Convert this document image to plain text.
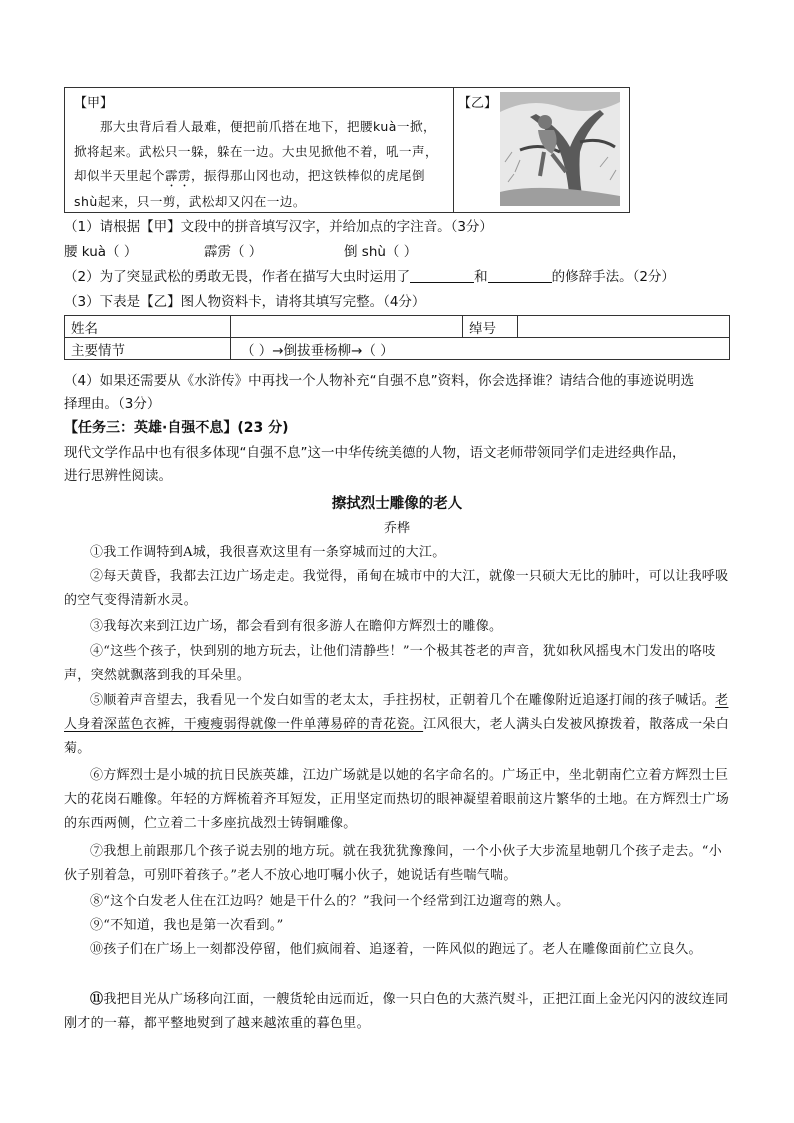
【甲】
那大虫背后看人最难，便把前爪搭在地下，把腰kuà一掀，掀将起来。武松只一躲，躲在一边。大虫见掀他不着，吼一声，却似半天里起个霹雳，振得那山冈也动，把这铁棒似的虎尾倒shù起来，只一剪，武松却又闪在一边。
【乙】
（1）请根据【甲】文段中的拼音填写汉字，并给加点的字注音。（3分）
腰 kuà（ ）	霹雳（ ）	倒 shù（ ）
（2）为了突显武松的勇敢无畏，作者在描写大虫时运用了	和	的修辞手法。（2分）
（3）下表是【乙】图人物资料卡，请将其填写完整。（4分）
姓名		绰号	
主要情节	（ ）→倒拔垂杨柳→（ ）		
（4）如果还需要从《水浒传》中再找一个人物补充“自强不息”资料，你会选择谁？请结合他的事迹说明选
择理由。（3分）
【任务三：英雄·自强不息】(23 分)
现代文学作品中也有很多体现“自强不息”这一中华传统美德的人物，语文老师带领同学们走进经典作品，
进行思辨性阅读。
擦拭烈士雕像的老人
乔桦
①我工作调特到A城，我很喜欢这里有一条穿城而过的大江。
②每天黄昏，我都去江边广场走走。我觉得，甬甸在城市中的大江，就像一只硕大无比的肺叶，可以让我呼吸的空气变得清新水灵。
③我每次来到江边广场，都会看到有很多游人在瞻仰方辉烈士的雕像。
④“这些个孩子，快到别的地方玩去，让他们清静些！”一个极其苍老的声音，犹如秋风摇曳木门发出的咯吱声，突然就飘落到我的耳朵里。
⑤顺着声音望去，我看见一个发白如雪的老太太，手拄拐杖，正朝着几个在雕像附近追逐打闹的孩子喊话。老人身着深蓝色衣裤，干瘦瘦弱得就像一件单薄易碎的青花瓷。江风很大，老人满头白发被风撩拨着，散落成一朵白菊。
⑥方辉烈士是小城的抗日民族英雄，江边广场就是以她的名字命名的。广场正中，坐北朝南伫立着方辉烈士巨大的花岗石雕像。年轻的方辉梳着齐耳短发，正用坚定而热切的眼神凝望着眼前这片繁华的土地。在方辉烈士广场的东西两侧，伫立着二十多座抗战烈士铸铜雕像。
⑦我想上前跟那几个孩子说去别的地方玩。就在我犹犹豫豫间，一个小伙子大步流星地朝几个孩子走去。“小伙子别着急，可别吓着孩子。”老人不放心地叮嘱小伙子，她说话有些喘气喘。
⑧“这个白发老人住在江边吗？她是干什么的？”我问一个经常到江边遛弯的熟人。
⑨“不知道，我也是第一次看到。”
⑩孩子们在广场上一刻都没停留，他们疯闹着、追逐着，一阵风似的跑远了。老人在雕像面前伫立良久。
⑪我把目光从广场移向江面，一艘货轮由远而近，像一只白色的大蒸汽熨斗，正把江面上金光闪闪的波纹连同刚才的一幕，都平整地熨到了越来越浓重的暮色里。
